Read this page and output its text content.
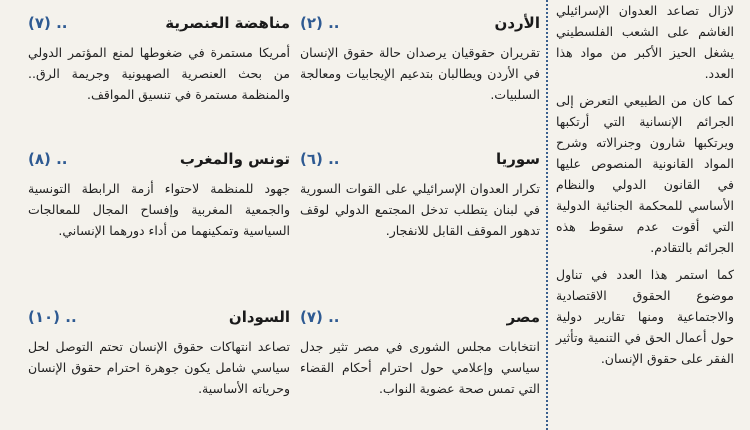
لازال تصاعد العدوان الإسرائيلي الغاشم على الشعب الفلسطيني يشغل الحيز الأكبر من مواد هذا العدد.

كما كان من الطبيعي التعرض إلى الجرائم الإنسانية التي أرتكبها ويرتكبها شارون وجنرالاته وشرح المواد القانونية المنصوص عليها في القانون الدولي والنظام الأساسي للمحكمة الجنائية الدولية التي أقوت عدم سقوط هذه الجرائم بالتقادم.

كما استمر هذا العدد في تناول موضوع الحقوق الاقتصادية والاجتماعية ومنها تقارير دولية حول أعمال الحق في التنمية وتأثير الفقر على حقوق الإنسان.

(٢) ..	الأردن

تقريران حقوقيان يرصدان حالة حقوق الإنسان في الأردن ويطالبان بتدعيم الإيجابيات ومعالجة السلبيات.

(٦) ..	سوريا

تكرار العدوان الإسرائيلي على القوات السورية في لبنان يتطلب تدخل المجتمع الدولي لوقف تدهور الموقف القابل للانفجار.

(٧) ..	مصر

انتخابات مجلس الشورى في مصر تثير جدل سياسي وإعلامي حول احترام أحكام القضاء التي تمس صحة عضوية النواب.

(٧) ..	مناهضة العنصرية

أمريكا مستمرة في ضغوطها لمنع المؤتمر الدولي من بحث العنصرية الصهيونية وجريمة الرق.. والمنظمة مستمرة في تنسيق المواقف.

(٨) ..	تونس والمغرب

جهود للمنظمة لاحتواء أزمة الرابطة التونسية والجمعية المغربية وإفساح المجال للمعالجات السياسية وتمكينهما من أداء دورهما الإنساني.

(١٠) ..	السودان

تصاعد انتهاكات حقوق الإنسان تحتم التوصل لحل سياسي شامل يكون جوهرة احترام حقوق الإنسان وحرياته الأساسية.
